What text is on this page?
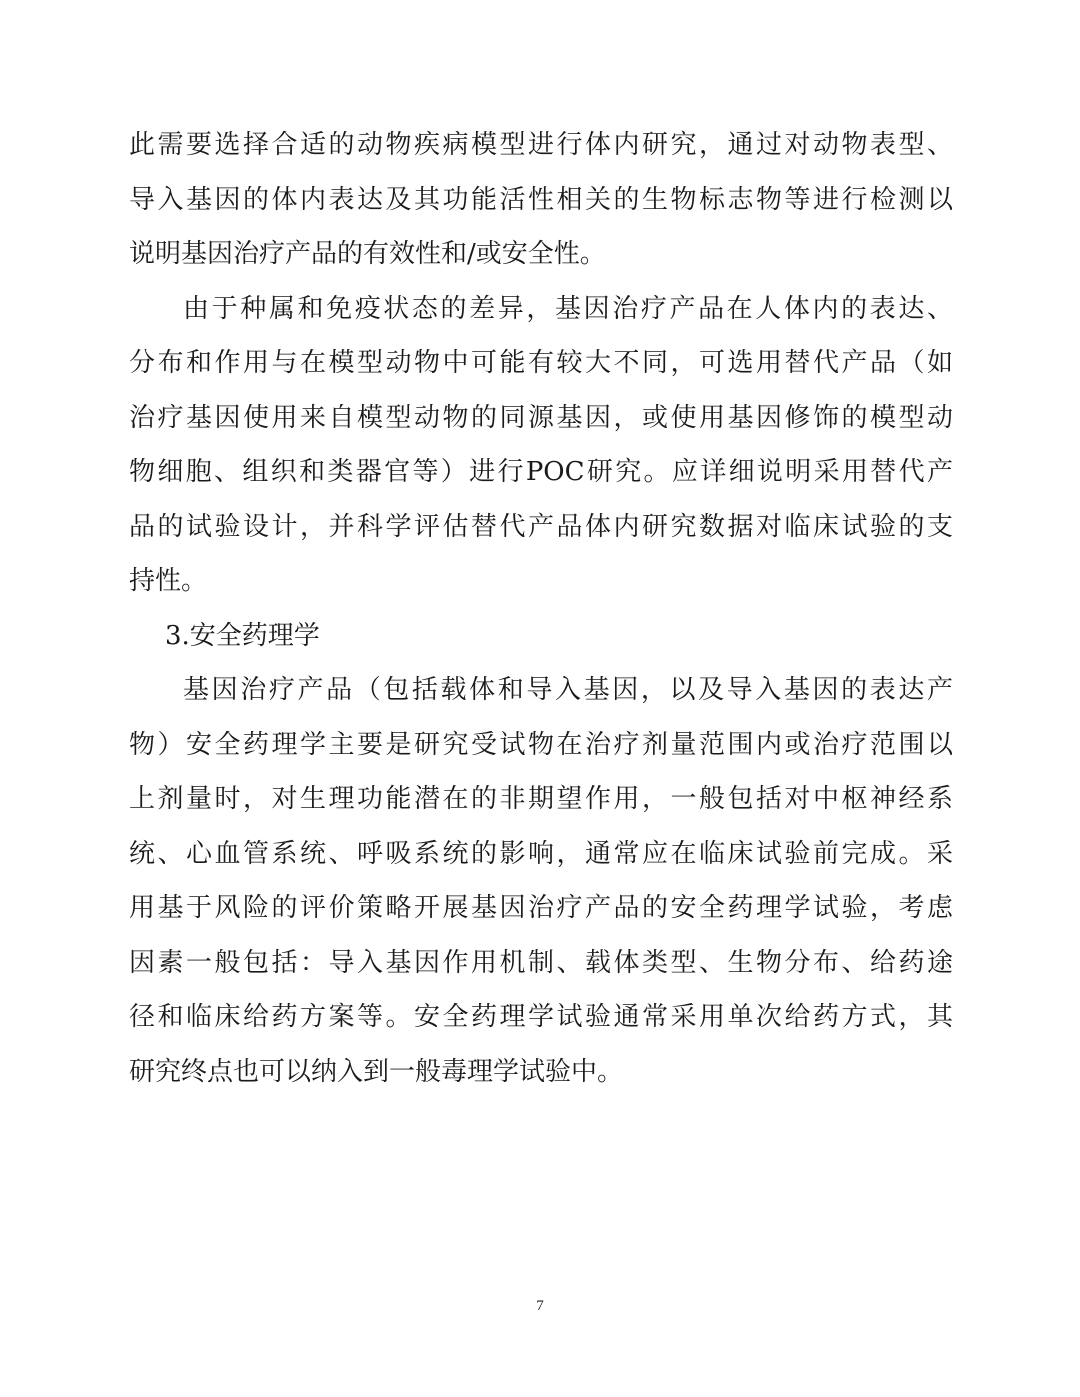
此需要选择合适的动物疾病模型进行体内研究，通过对动物表型、
导入基因的体内表达及其功能活性相关的生物标志物等进行检测以
说明基因治疗产品的有效性和/或安全性。
由于种属和免疫状态的差异，基因治疗产品在人体内的表达、
分布和作用与在模型动物中可能有较大不同，可选用替代产品（如
治疗基因使用来自模型动物的同源基因，或使用基因修饰的模型动
物细胞、组织和类器官等）进行POC研究。应详细说明采用替代产
品的试验设计，并科学评估替代产品体内研究数据对临床试验的支
持性。
3.安全药理学
基因治疗产品（包括载体和导入基因，以及导入基因的表达产
物）安全药理学主要是研究受试物在治疗剂量范围内或治疗范围以
上剂量时，对生理功能潜在的非期望作用，一般包括对中枢神经系
统、心血管系统、呼吸系统的影响，通常应在临床试验前完成。采
用基于风险的评价策略开展基因治疗产品的安全药理学试验，考虑
因素一般包括：导入基因作用机制、载体类型、生物分布、给药途
径和临床给药方案等。安全药理学试验通常采用单次给药方式，其
研究终点也可以纳入到一般毒理学试验中。
7
